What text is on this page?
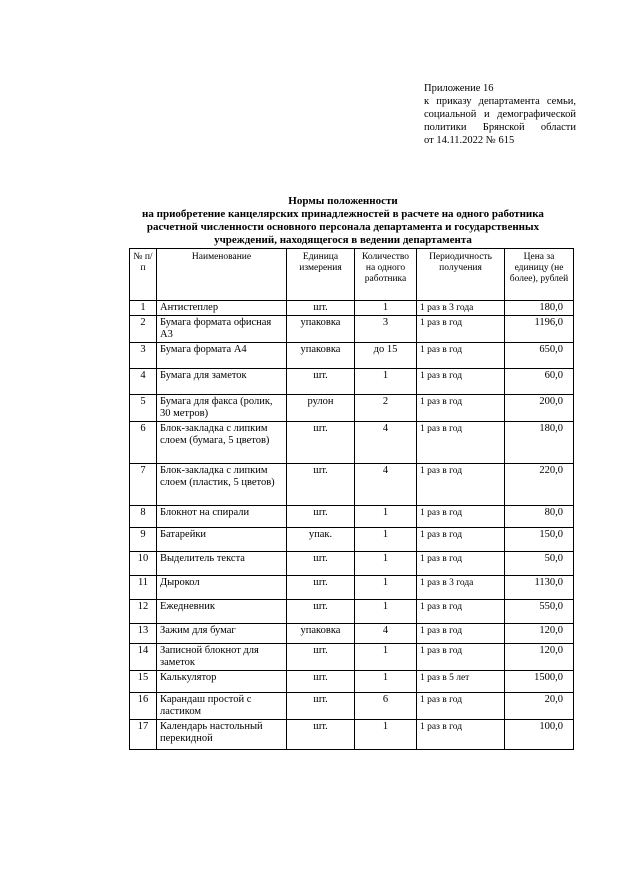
Приложение 16
к приказу департамента семьи,
социальной и демографической
политики Брянской области
от 14.11.2022 № 615
Нормы положенности
на приобретение канцелярских принадлежностей в расчете на одного работника
расчетной численности основного персонала департамента и государственных
учреждений, находящегося в ведении департамента
№ п/п	Наименование	Единица измерения	Количество на одного работника	Периодичность получения	Цена за единицу (не более), рублей
1	Антистеплер	шт.	1	1 раз в 3 года	180,0
2	Бумага формата офисная А3	упаковка	3	1 раз в год	1196,0
3	Бумага формата А4	упаковка	до 15	1 раз в год	650,0
4	Бумага для заметок	шт.	1	1 раз в год	60,0
5	Бумага для факса (ролик, 30 метров)	рулон	2	1 раз в год	200,0
6	Блок-закладка с липким слоем (бумага, 5 цветов)	шт.	4	1 раз в год	180,0
7	Блок-закладка с липким слоем (пластик, 5 цветов)	шт.	4	1 раз в год	220,0
8	Блокнот на спирали	шт.	1	1 раз в год	80,0
9	Батарейки	упак.	1	1 раз в год	150,0
10	Выделитель текста	шт.	1	1 раз в год	50,0
11	Дырокол	шт.	1	1 раз в 3 года	1130,0
12	Ежедневник	шт.	1	1 раз в год	550,0
13	Зажим для бумаг	упаковка	4	1 раз в год	120,0
14	Записной блокнот для заметок	шт.	1	1 раз в год	120,0
15	Калькулятор	шт.	1	1 раз в 5 лет	1500,0
16	Карандаш простой с ластиком	шт.	6	1 раз в год	20,0
17	Календарь настольный перекидной	шт.	1	1 раз в год	100,0
